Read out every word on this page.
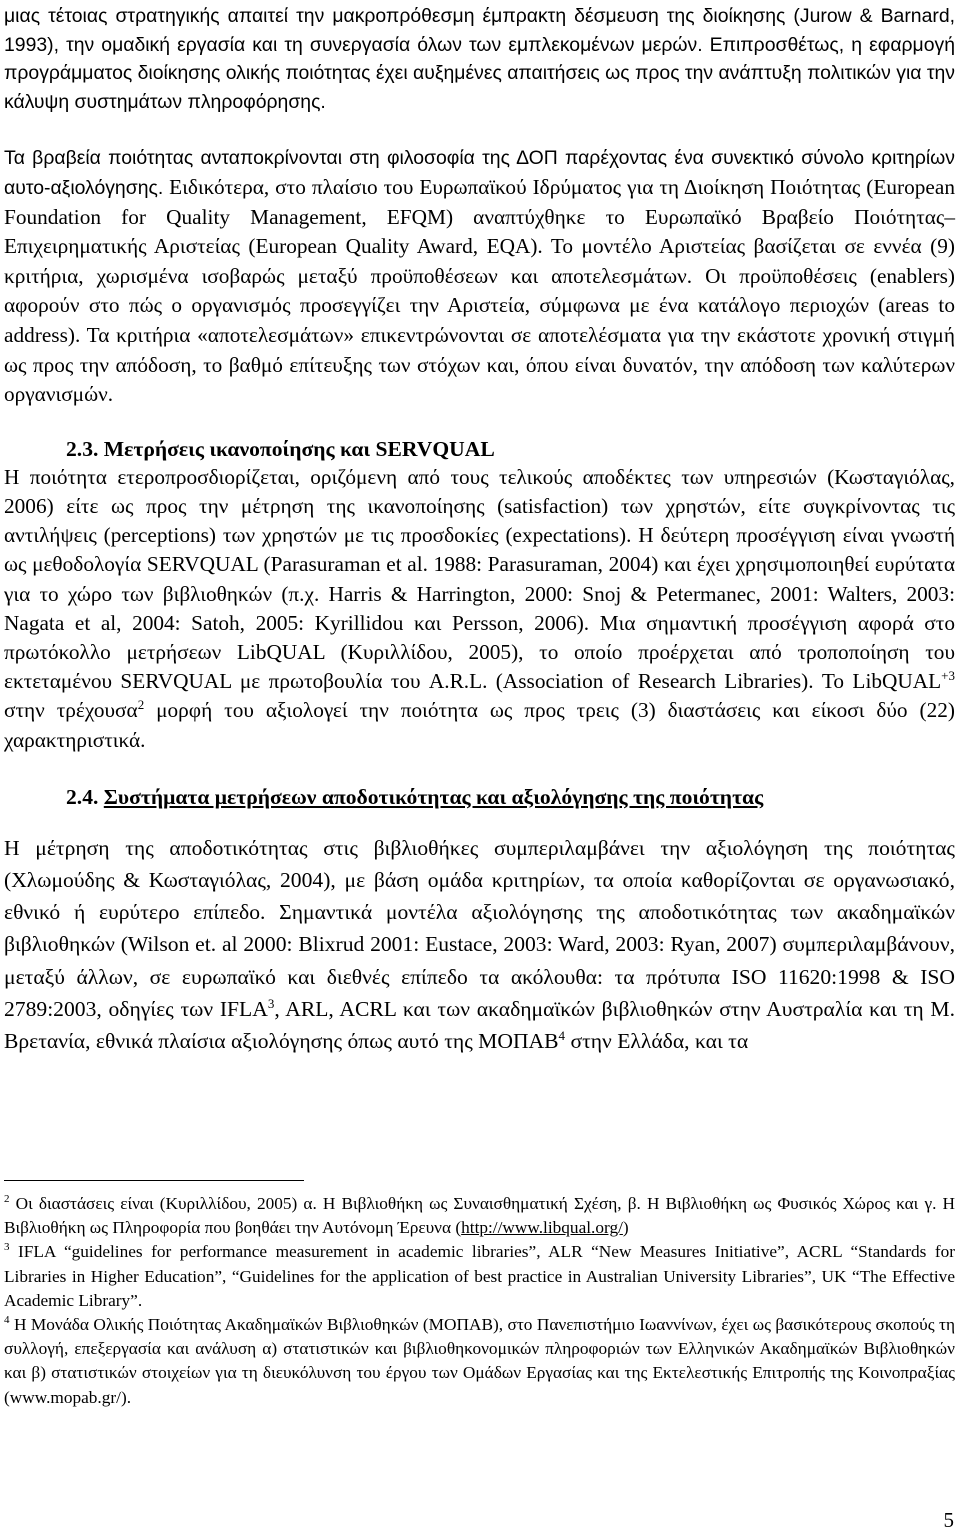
μιας τέτοιας στρατηγικής απαιτεί την μακροπρόθεσμη έμπρακτη δέσμευση της διοίκησης (Jurow & Barnard, 1993), την ομαδική εργασία και τη συνεργασία όλων των εμπλεκομένων μερών. Επιπροσθέτως, η εφαρμογή προγράμματος διοίκησης ολικής ποιότητας έχει αυξημένες απαιτήσεις ως προς την ανάπτυξη πολιτικών για την κάλυψη συστημάτων πληροφόρησης.

Τα βραβεία ποιότητας ανταποκρίνονται στη φιλοσοφία της ΔΟΠ παρέχοντας ένα συνεκτικό σύνολο κριτηρίων αυτο-αξιολόγησης. Ειδικότερα, στο πλαίσιο του Ευρωπαϊκού Ιδρύματος για τη Διοίκηση Ποιότητας (European Foundation for Quality Management, EFQM) αναπτύχθηκε το Ευρωπαϊκό Βραβείο Ποιότητας–Επιχειρηματικής Αριστείας (European Quality Award, EQA). Το μοντέλο Αριστείας βασίζεται σε εννέα (9) κριτήρια, χωρισμένα ισοβαρώς μεταξύ προϋποθέσεων και αποτελεσμάτων. Οι προϋποθέσεις (enablers) αφορούν στο πώς ο οργανισμός προσεγγίζει την Αριστεία, σύμφωνα με ένα κατάλογο περιοχών (areas to address). Τα κριτήρια «αποτελεσμάτων» επικεντρώνονται σε αποτελέσματα για την εκάστοτε χρονική στιγμή ως προς την απόδοση, το βαθμό επίτευξης των στόχων και, όπου είναι δυνατόν, την απόδοση των καλύτερων οργανισμών.

2.3. Μετρήσεις ικανοποίησης και SERVQUAL

Η ποιότητα ετεροπροσδιορίζεται, οριζόμενη από τους τελικούς αποδέκτες των υπηρεσιών (Κωσταγιόλας, 2006) είτε ως προς την μέτρηση της ικανοποίησης (satisfaction) των χρηστών, είτε συγκρίνοντας τις αντιλήψεις (perceptions) των χρηστών με τις προσδοκίες (expectations). Η δεύτερη προσέγγιση είναι γνωστή ως μεθοδολογία SERVQUAL (Parasuraman et al. 1988: Parasuraman, 2004) και έχει χρησιμοποιηθεί ευρύτατα για το χώρο των βιβλιοθηκών (π.χ. Harris & Harrington, 2000: Snoj & Petermanec, 2001: Walters, 2003: Nagata et al, 2004: Satoh, 2005: Kyrillidou και Persson, 2006). Μια σημαντική προσέγγιση αφορά στο πρωτόκολλο μετρήσεων LibQUAL (Κυριλλίδου, 2005), το οποίο προέρχεται από τροποποίηση του εκτεταμένου SERVQUAL με πρωτοβουλία του A.R.L. (Association of Research Libraries). Το LibQUAL$^{+3}$ στην τρέχουσα$^2$ μορφή του αξιολογεί την ποιότητα ως προς τρεις (3) διαστάσεις και είκοσι δύο (22) χαρακτηριστικά.

2.4. Συστήματα μετρήσεων αποδοτικότητας και αξιολόγησης της ποιότητας

Η μέτρηση της αποδοτικότητας στις βιβλιοθήκες συμπεριλαμβάνει την αξιολόγηση της ποιότητας (Χλωμούδης & Κωσταγιόλας, 2004), με βάση ομάδα κριτηρίων, τα οποία καθορίζονται σε οργανωσιακό, εθνικό ή ευρύτερο επίπεδο. Σημαντικά μοντέλα αξιολόγησης της αποδοτικότητας των ακαδημαϊκών βιβλιοθηκών (Wilson et. al 2000: Blixrud 2001: Eustace, 2003: Ward, 2003: Ryan, 2007) συμπεριλαμβάνουν, μεταξύ άλλων, σε ευρωπαϊκό και διεθνές επίπεδο τα ακόλουθα: τα πρότυπα ISO 11620:1998 & ISO 2789:2003, οδηγίες των IFLA$^3$, ARL, ACRL και των ακαδημαϊκών βιβλιοθηκών στην Αυστραλία και τη Μ. Βρετανία, εθνικά πλαίσια αξιολόγησης όπως αυτό της ΜΟΠΑΒ$^4$ στην Ελλάδα, και τα

$^2$ Οι διαστάσεις είναι (Κυριλλίδου, 2005) α. Η Βιβλιοθήκη ως Συναισθηματική Σχέση, β. Η Βιβλιοθήκη ως Φυσικός Χώρος και γ. Η Βιβλιοθήκη ως Πληροφορία που βοηθάει την Αυτόνομη Έρευνα (http://www.libqual.org/)

$^3$ IFLA “guidelines for performance measurement in academic libraries”, ALR “New Measures Initiative”, ACRL “Standards for Libraries in Higher Education”, “Guidelines for the application of best practice in Australian University Libraries”, UK “The Effective Academic Library”.

$^4$ Η Μονάδα Ολικής Ποιότητας Ακαδημαϊκών Βιβλιοθηκών (ΜΟΠΑΒ), στο Πανεπιστήμιο Ιωαννίνων, έχει ως βασικότερους σκοπούς τη συλλογή, επεξεργασία και ανάλυση α) στατιστικών και βιβλιοθηκονομικών πληροφοριών των Ελληνικών Ακαδημαϊκών Βιβλιοθηκών και β) στατιστικών στοιχείων για τη διευκόλυνση του έργου των Ομάδων Εργασίας και της Εκτελεστικής Επιτροπής της Κοινοπραξίας (www.mopab.gr/).

5
